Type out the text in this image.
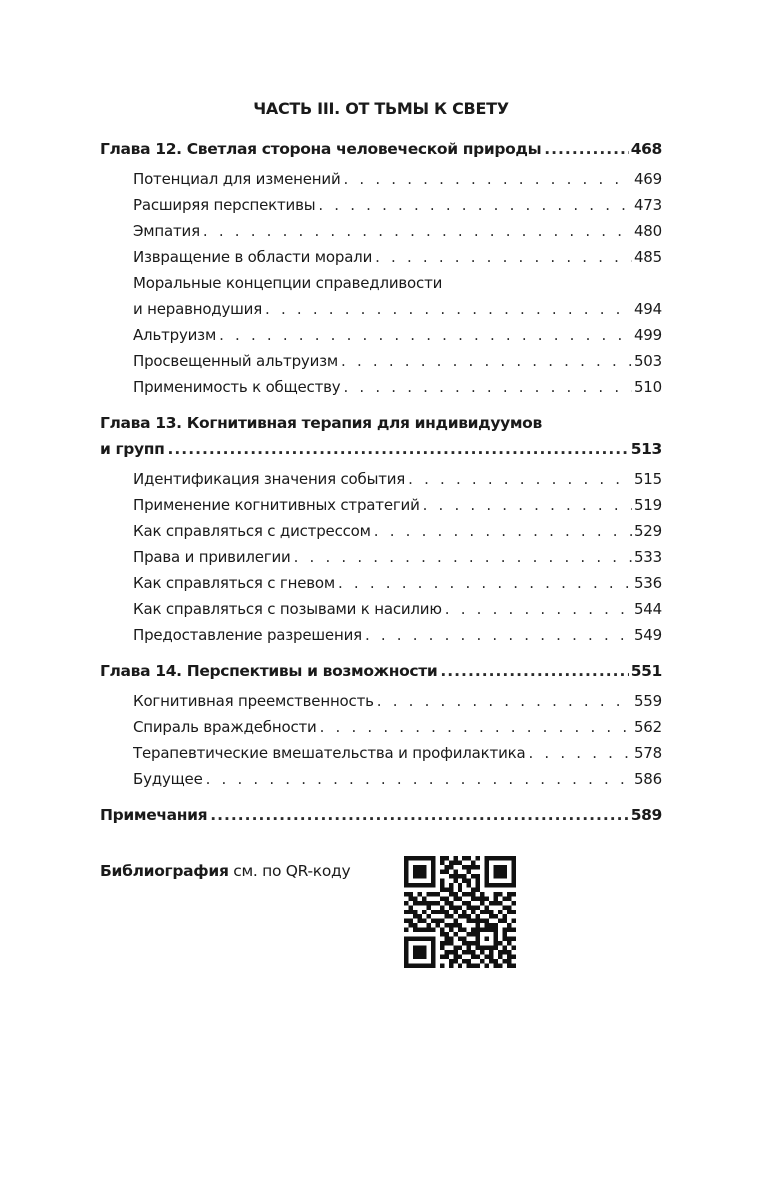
ЧАСТЬ III. ОТ ТЬМЫ К СВЕТУ
Глава 12. Светлая сторона человеческой природы .....	468
Потенциал для изменений . . .	469
Расширяя перспективы . . .	473
Эмпатия . . .	480
Извращение в области морали . . .	485
Моральные концепции справедливости
и неравнодушия . . .	494
Альтруизм . . .	499
Просвещенный альтруизм . . .	503
Применимость к обществу . . .	510
Глава 13. Когнитивная терапия для индивидуумов
и групп .....	513
Идентификация значения события . . .	515
Применение когнитивных стратегий . . .	519
Как справляться с дистрессом . . .	529
Права и привилегии . . .	533
Как справляться с гневом . . .	536
Как справляться с позывами к насилию . . .	544
Предоставление разрешения . . .	549
Глава 14. Перспективы и возможности .....	551
Когнитивная преемственность . . .	559
Спираль враждебности . . .	562
Терапевтические вмешательства и профилактика . . .	578
Будущее . . .	586
Примечания .....	589
Библиография см. по QR-коду
